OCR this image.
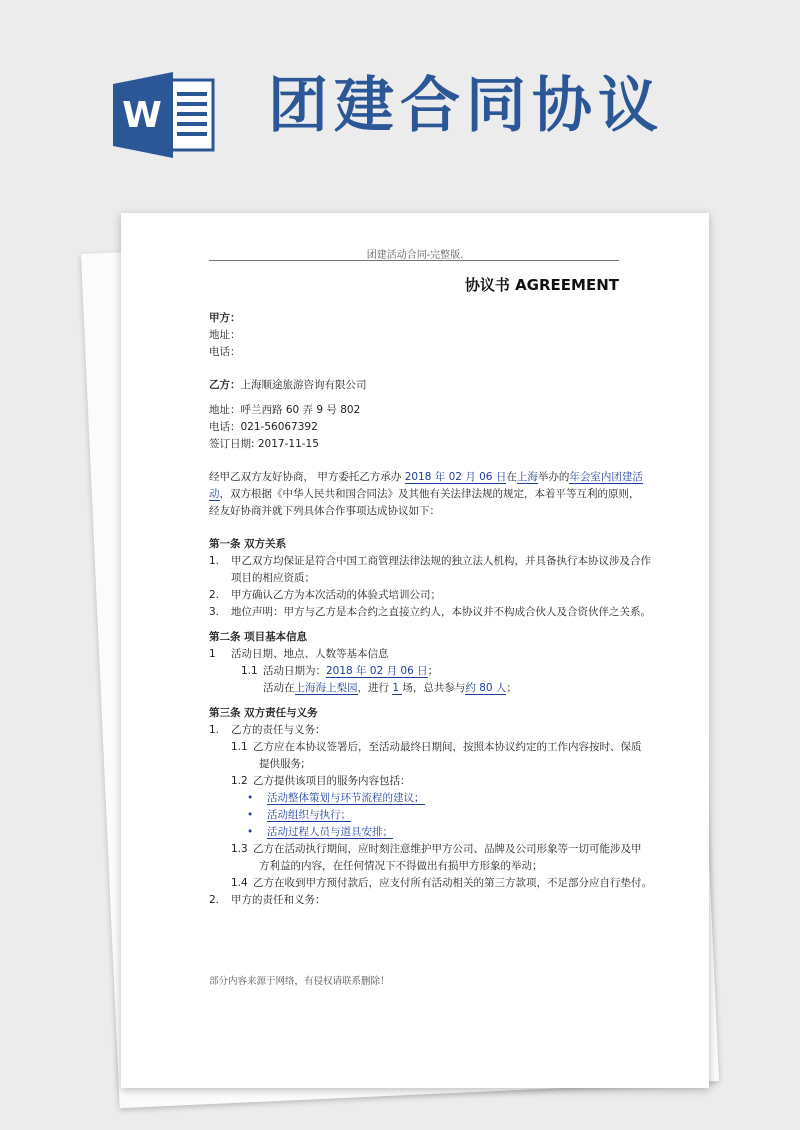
W 团建合同协议
团建活动合同-完整版.
协议书 AGREEMENT
甲方：
地址：
电话：
乙方：上海顺途旅游咨询有限公司
地址：呼兰西路 60 弄 9 号 802
电话：021-56067392
签订日期: 2017-11-15
经甲乙双方友好协商， 甲方委托乙方承办 2018 年 02 月 06 日在上海举办的年会室内团建活
动，双方根据《中华人民共和国合同法》及其他有关法律法规的规定，本着平等互利的原则，
经友好协商并就下列具体合作事项达成协议如下：
第一条 双方关系
1. 甲乙双方均保证是符合中国工商管理法律法规的独立法人机构，并具备执行本协议涉及合作
项目的相应资质；
2. 甲方确认乙方为本次活动的体验式培训公司；
3. 地位声明：甲方与乙方是本合约之直接立约人，本协议并不构成合伙人及合资伙伴之关系。
第二条 项目基本信息
1 活动日期、地点、人数等基本信息
1.1 活动日期为：2018 年 02 月 06 日；
活动在上海海上梨园，进行 1 场，总共参与约 80 人；
第三条 双方责任与义务
1. 乙方的责任与义务：
1.1 乙方应在本协议签署后，至活动最终日期间，按照本协议约定的工作内容按时、保质
提供服务;
1.2 乙方提供该项目的服务内容包括：
• 活动整体策划与环节流程的建议；
• 活动组织与执行；
• 活动过程人员与道具安排；
1.3 乙方在活动执行期间，应时刻注意维护甲方公司、品牌及公司形象等一切可能涉及甲
方利益的内容，在任何情况下不得做出有损甲方形象的举动；
1.4 乙方在收到甲方预付款后，应支付所有活动相关的第三方款项，不足部分应自行垫付。
2. 甲方的责任和义务：
部分内容来源于网络，有侵权请联系删除！
